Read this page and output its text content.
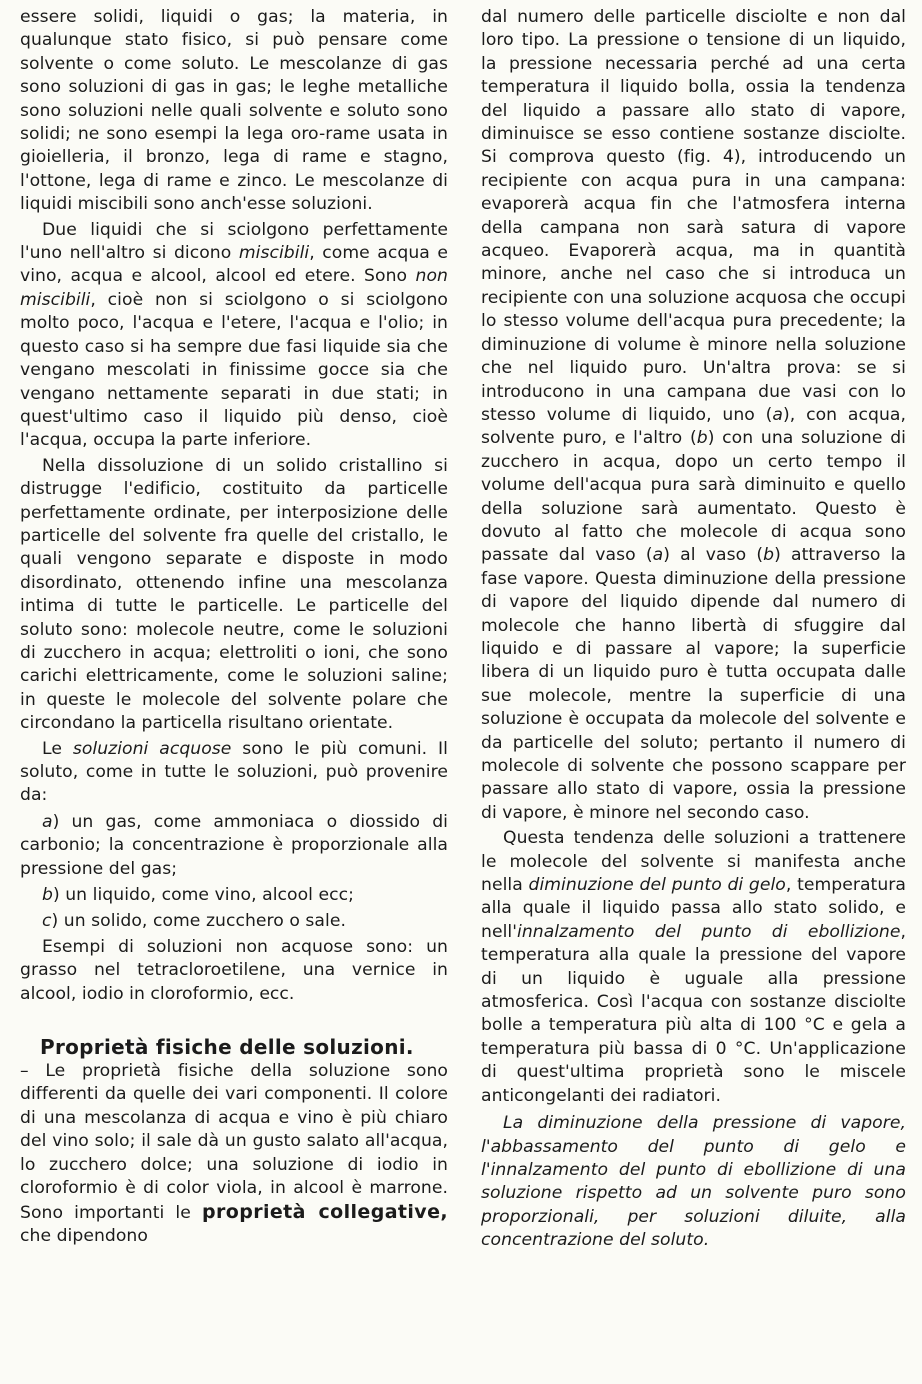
essere solidi, liquidi o gas; la materia, in qualunque stato fisico, si può pensare come solvente o come soluto. Le mescolanze di gas sono soluzioni di gas in gas; le leghe metalliche sono soluzioni nelle quali solvente e soluto sono solidi; ne sono esempi la lega oro-rame usata in gioielleria, il bronzo, lega di rame e stagno, l'ottone, lega di rame e zinco. Le mescolanze di liquidi miscibili sono anch'esse soluzioni.

Due liquidi che si sciolgono perfettamente l'uno nell'altro si dicono miscibili, come acqua e vino, acqua e alcool, alcool ed etere. Sono non miscibili, cioè non si sciolgono o si sciolgono molto poco, l'acqua e l'etere, l'acqua e l'olio; in questo caso si ha sempre due fasi liquide sia che vengano mescolati in finissime gocce sia che vengano nettamente separati in due stati; in quest'ultimo caso il liquido più denso, cioè l'acqua, occupa la parte inferiore.

Nella dissoluzione di un solido cristallino si distrugge l'edificio, costituito da particelle perfettamente ordinate, per interposizione delle particelle del solvente fra quelle del cristallo, le quali vengono separate e disposte in modo disordinato, ottenendo infine una mescolanza intima di tutte le particelle. Le particelle del soluto sono: molecole neutre, come le soluzioni di zucchero in acqua; elettroliti o ioni, che sono carichi elettricamente, come le soluzioni saline; in queste le molecole del solvente polare che circondano la particella risultano orientate.

Le soluzioni acquose sono le più comuni. Il soluto, come in tutte le soluzioni, può provenire da:

a) un gas, come ammoniaca o diossido di carbonio; la concentrazione è proporzionale alla pressione del gas;

b) un liquido, come vino, alcool ecc;

c) un solido, come zucchero o sale.

Esempi di soluzioni non acquose sono: un grasso nel tetracloroetilene, una vernice in alcool, iodio in cloroformio, ecc.

Proprietà fisiche delle soluzioni.

– Le proprietà fisiche della soluzione sono differenti da quelle dei vari componenti. Il colore di una mescolanza di acqua e vino è più chiaro del vino solo; il sale dà un gusto salato all'acqua, lo zucchero dolce; una soluzione di iodio in cloroformio è di color viola, in alcool è marrone. Sono importanti le proprietà collegative, che dipendono

dal numero delle particelle disciolte e non dal loro tipo. La pressione o tensione di un liquido, la pressione necessaria perché ad una certa temperatura il liquido bolla, ossia la tendenza del liquido a passare allo stato di vapore, diminuisce se esso contiene sostanze disciolte. Si comprova questo (fig. 4), introducendo un recipiente con acqua pura in una campana: evaporerà acqua fin che l'atmosfera interna della campana non sarà satura di vapore acqueo. Evaporerà acqua, ma in quantità minore, anche nel caso che si introduca un recipiente con una soluzione acquosa che occupi lo stesso volume dell'acqua pura precedente; la diminuzione di volume è minore nella soluzione che nel liquido puro. Un'altra prova: se si introducono in una campana due vasi con lo stesso volume di liquido, uno (a), con acqua, solvente puro, e l'altro (b) con una soluzione di zucchero in acqua, dopo un certo tempo il volume dell'acqua pura sarà diminuito e quello della soluzione sarà aumentato. Questo è dovuto al fatto che molecole di acqua sono passate dal vaso (a) al vaso (b) attraverso la fase vapore. Questa diminuzione della pressione di vapore del liquido dipende dal numero di molecole che hanno libertà di sfuggire dal liquido e di passare al vapore; la superficie libera di un liquido puro è tutta occupata dalle sue molecole, mentre la superficie di una soluzione è occupata da molecole del solvente e da particelle del soluto; pertanto il numero di molecole di solvente che possono scappare per passare allo stato di vapore, ossia la pressione di vapore, è minore nel secondo caso.

Questa tendenza delle soluzioni a trattenere le molecole del solvente si manifesta anche nella diminuzione del punto di gelo, temperatura alla quale il liquido passa allo stato solido, e nell'innalzamento del punto di ebollizione, temperatura alla quale la pressione del vapore di un liquido è uguale alla pressione atmosferica. Così l'acqua con sostanze disciolte bolle a temperatura più alta di 100 °C e gela a temperatura più bassa di 0 °C. Un'applicazione di quest'ultima proprietà sono le miscele anticongelanti dei radiatori.

La diminuzione della pressione di vapore, l'abbassamento del punto di gelo e l'innalzamento del punto di ebollizione di una soluzione rispetto ad un solvente puro sono proporzionali, per soluzioni diluite, alla concentrazione del soluto.
